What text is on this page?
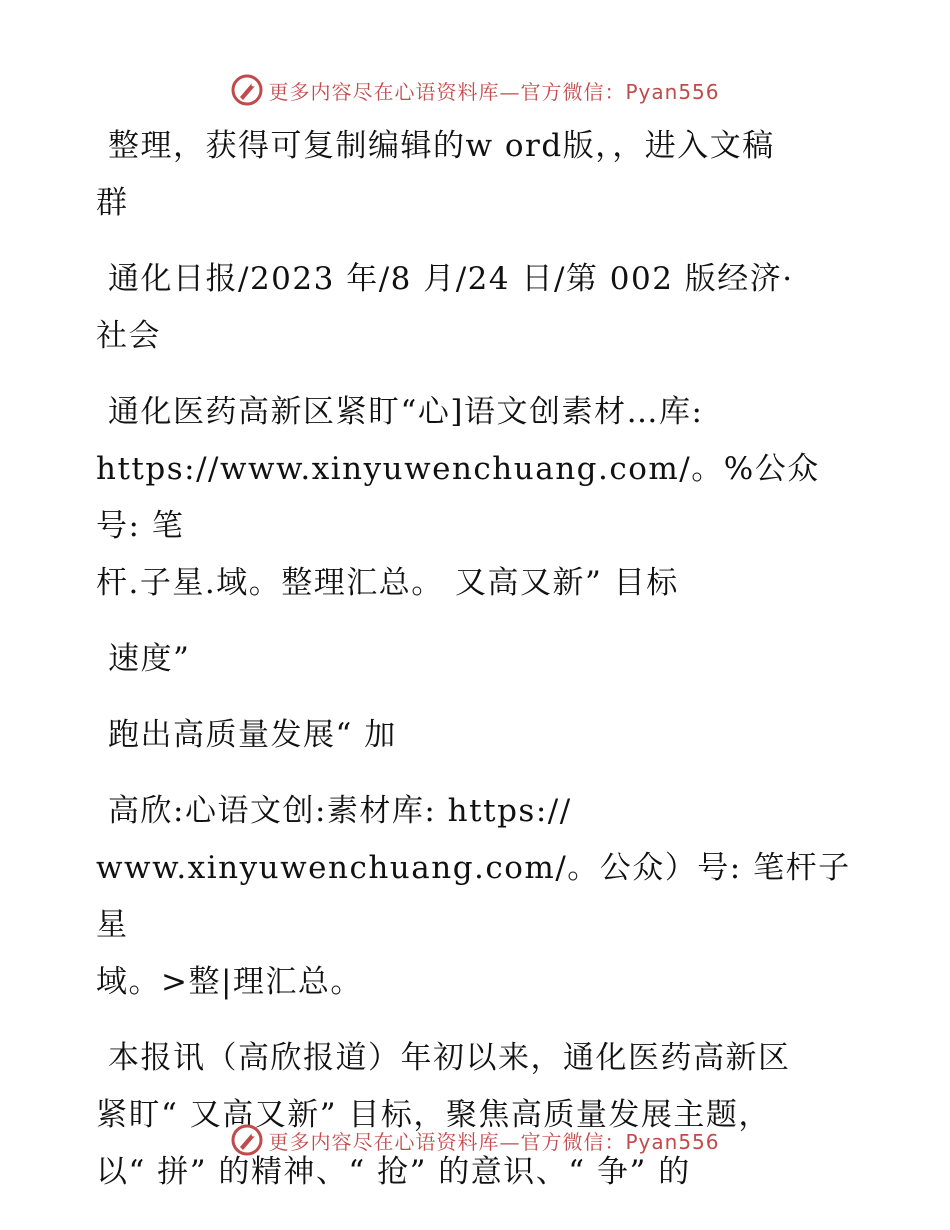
更多内容尽在心语资料库—官方微信：Pyan556
整理，获得可复制编辑的w ord版，，进入文稿
群
通化日报/2023 年/8 月/24 日/第 002 版经济·
社会
通化医药高新区紧盯“心]语文创素材…库:
https://www.xinyuwenchuang.com/。%公众号: 笔
杆.子星.域。整理汇总。 又高又新” 目标
速度”
跑出高质量发展“ 加
高欣:心语文创:素材库: https://
www.xinyuwenchuang.com/。公众）号: 笔杆子星
域。>整|理汇总。
本报讯（高欣报道）年初以来，通化医药高新区
紧盯“ 又高又新” 目标，聚焦高质量发展主题，
以“ 拼” 的精神、“ 抢” 的意识、“ 争” 的
更多内容尽在心语资料库—官方微信：Pyan556
